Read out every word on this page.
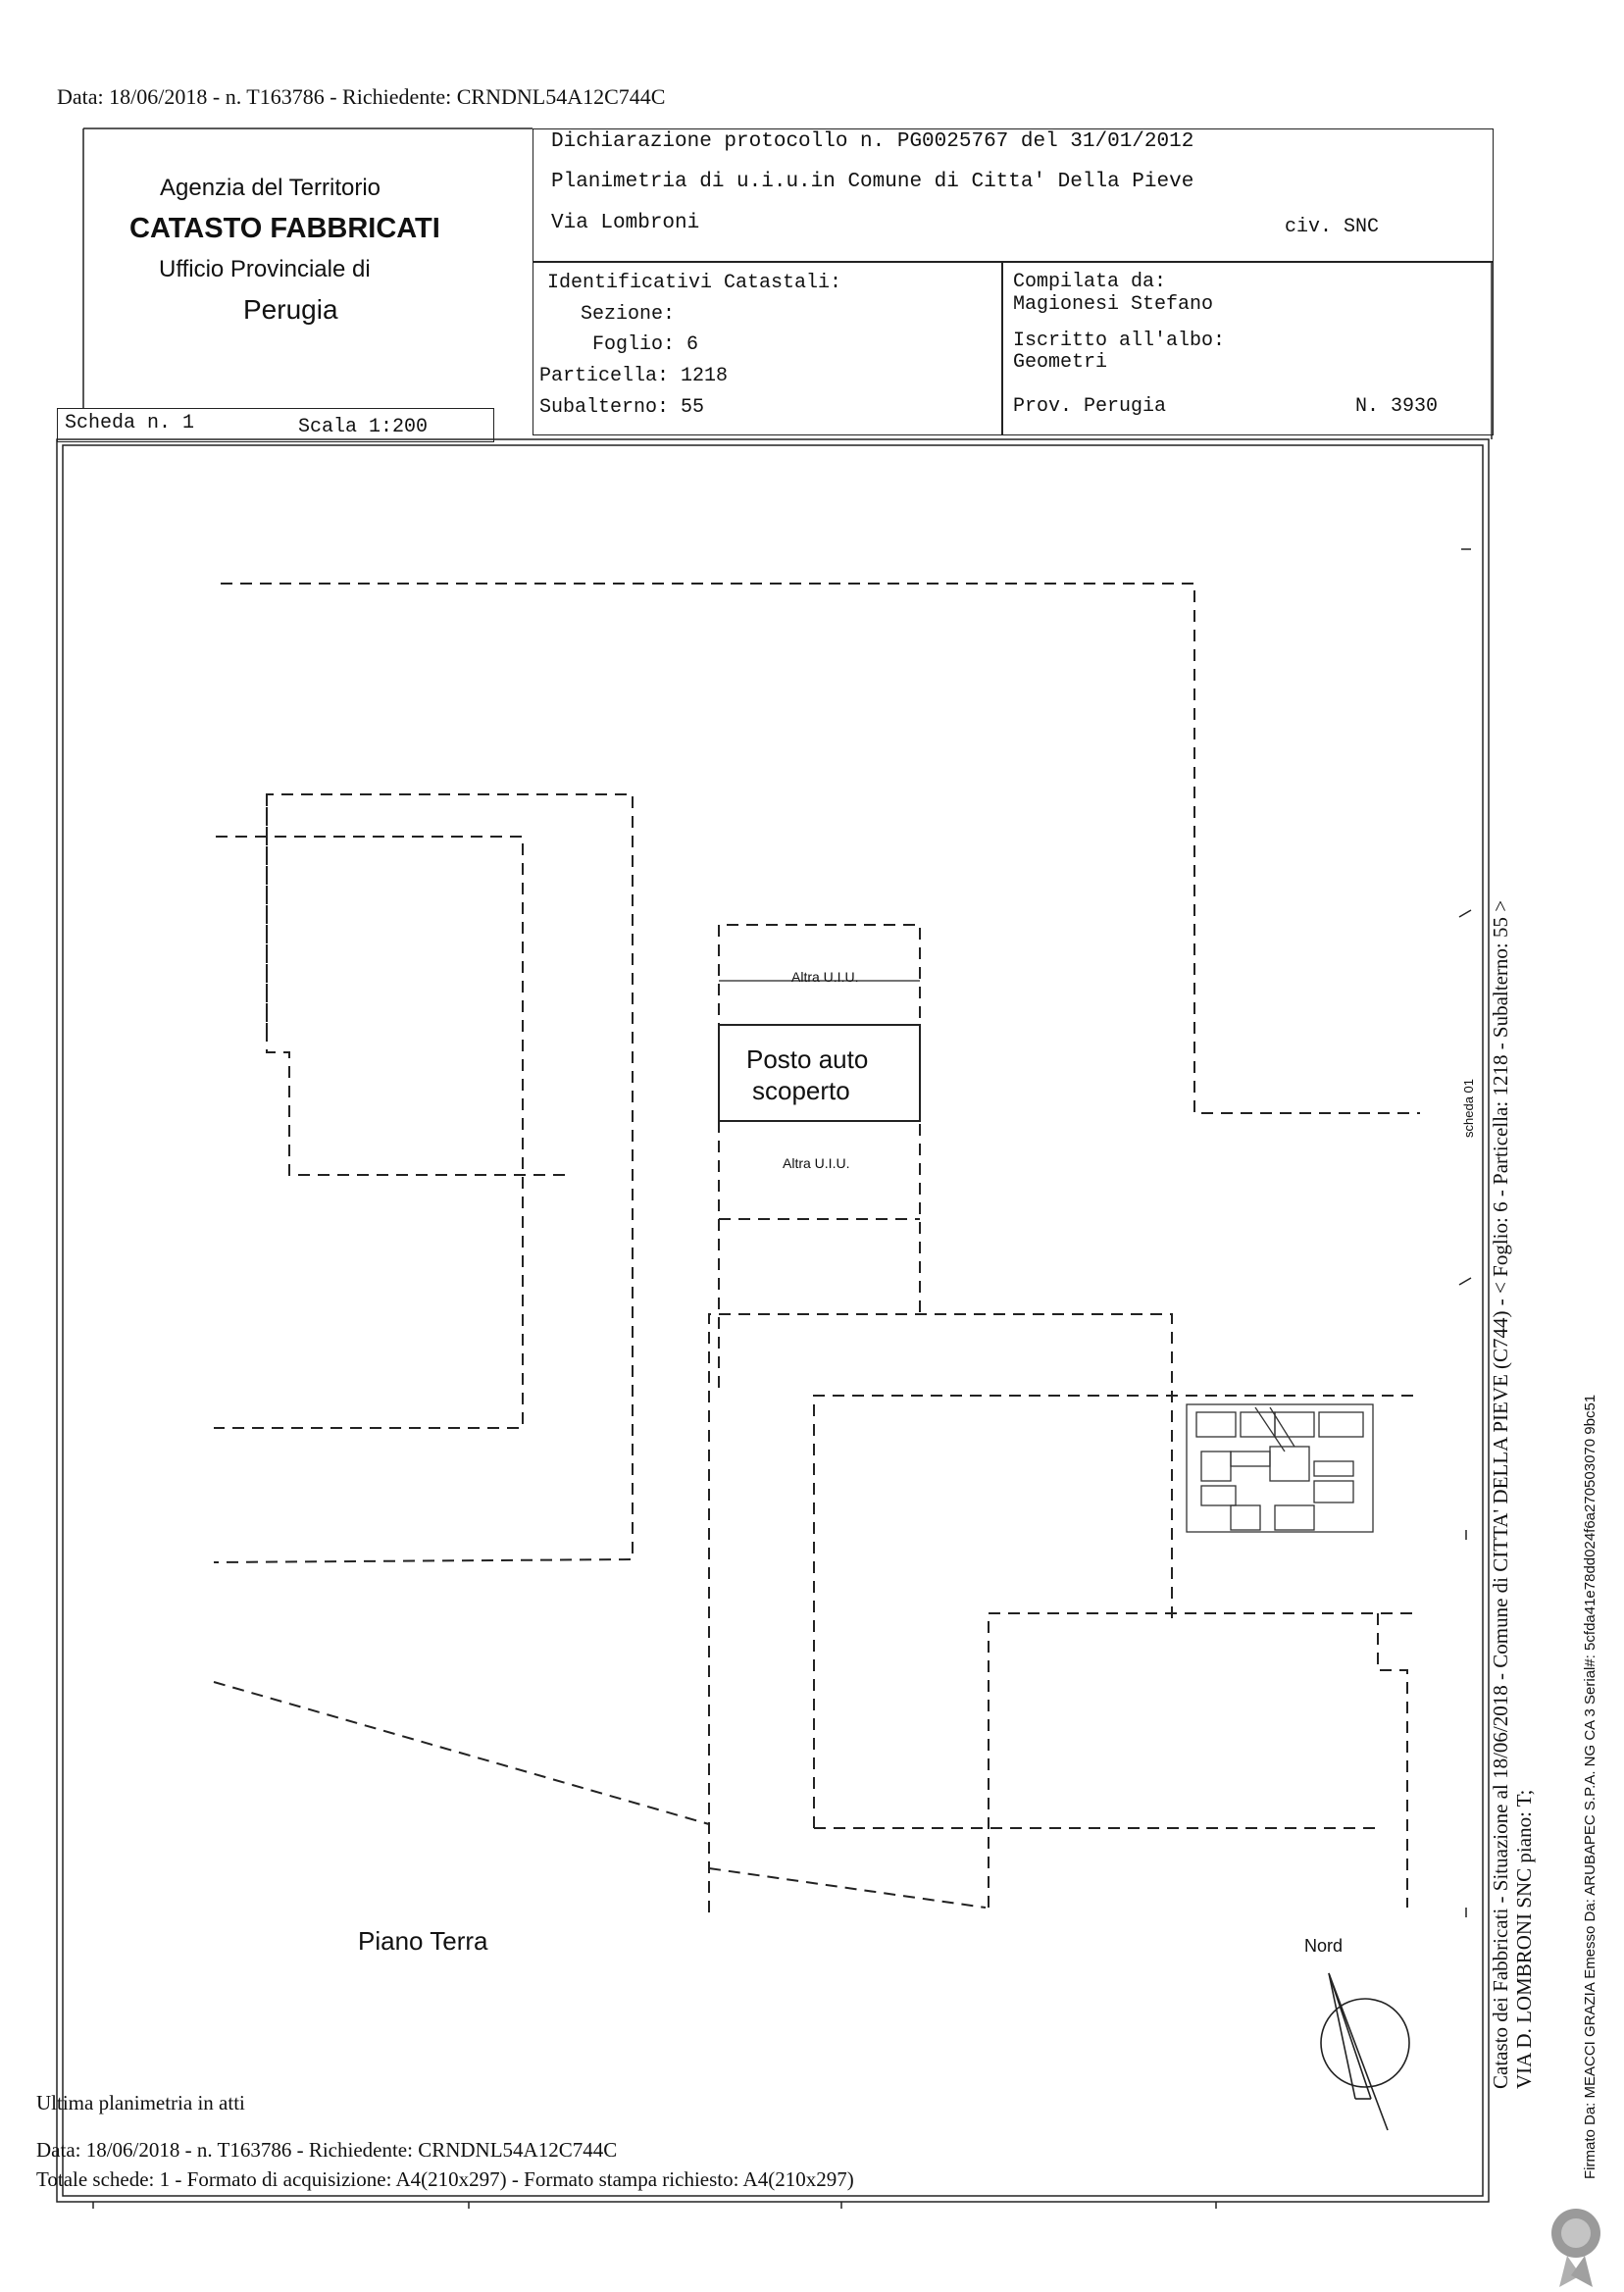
Data: 18/06/2018 - n. T163786 - Richiedente: CRNDNL54A12C744C
Agenzia del Territorio
CATASTO FABBRICATI
Ufficio Provinciale di
Perugia
Dichiarazione protocollo n. PG0025767 del 31/01/2012
Planimetria di u.i.u.in Comune di Citta' Della Pieve
Via Lombroni	civ. SNC
Identificativi Catastali:
Sezione:
Foglio: 6
Particella: 1218
Subalterno: 55
Compilata da:
Magionesi Stefano
Iscritto all'albo:
Geometri
Prov. Perugia	N. 3930
Scheda n. 1	Scala 1:200
Altra U.I.U.
Posto auto
scoperto
Altra U.I.U.
Piano Terra	Nord
scheda 01 Catasto dei Fabbricati - Situazione al 18/06/2018 - Comune di CITTA' DELLA PIEVE (C744) - < Foglio: 6 - Particella: 1218 - Subalterno: 55 > VIA D. LOMBRONI SNC piano: T;	Firmato Da: MEACCI GRAZIA Emesso Da: ARUBAPEC S.P.A. NG CA 3 Serial#: 5cfda41e78dd024f6a270503070 9bc51
Ultima planimetria in atti
Data: 18/06/2018 - n. T163786 - Richiedente: CRNDNL54A12C744C
Totale schede: 1 - Formato di acquisizione: A4(210x297) - Formato stampa richiesto: A4(210x297)
